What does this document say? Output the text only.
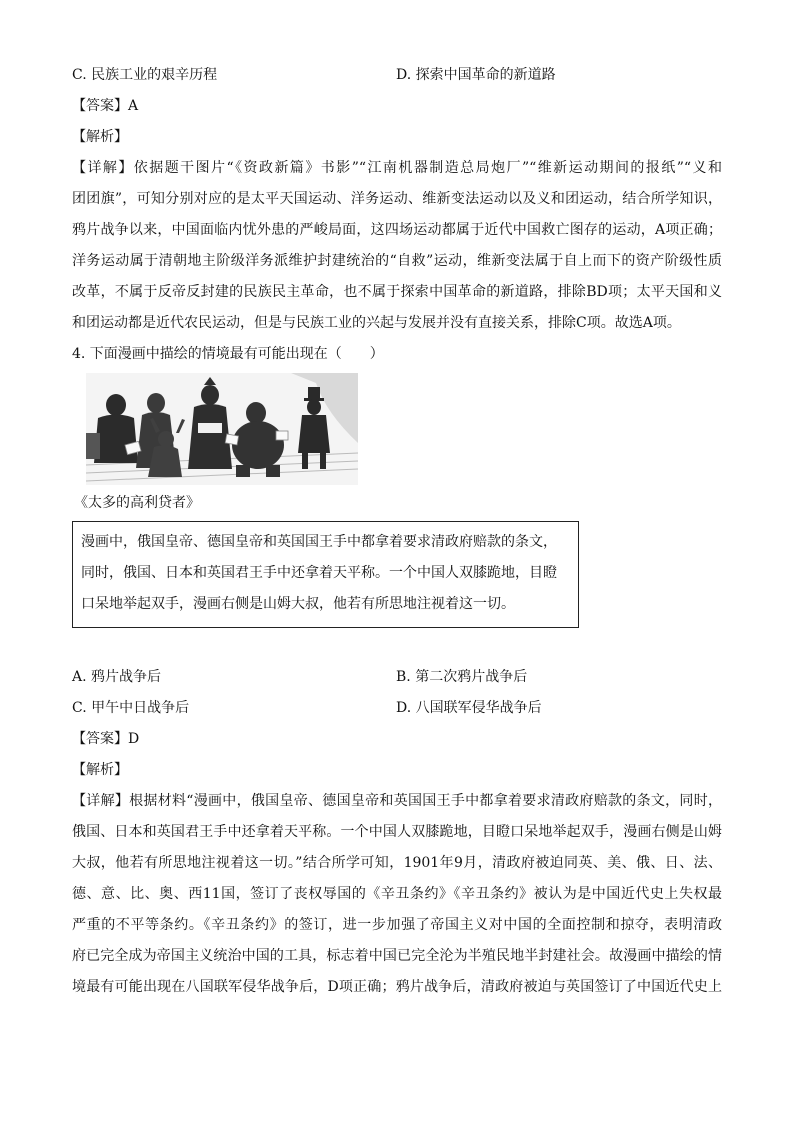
C. 民族工业的艰辛历程	D. 探索中国革命的新道路
【答案】A
【解析】
【详解】依据题干图片“《资政新篇》书影”“江南机器制造总局炮厂”“维新运动期间的报纸”“义和
团团旗”，可知分别对应的是太平天国运动、洋务运动、维新变法运动以及义和团运动，结合所学知识，
鸦片战争以来，中国面临内忧外患的严峻局面，这四场运动都属于近代中国救亡图存的运动，A项正确；
洋务运动属于清朝地主阶级洋务派维护封建统治的“自救”运动，维新变法属于自上而下的资产阶级性质
改革，不属于反帝反封建的民族民主革命，也不属于探索中国革命的新道路，排除BD项；太平天国和义
和团运动都是近代农民运动，但是与民族工业的兴起与发展并没有直接关系，排除C项。故选A项。
4. 下面漫画中描绘的情境最有可能出现在（　　）
《太多的高利贷者》
漫画中，俄国皇帝、德国皇帝和英国国王手中都拿着要求清政府赔款的条文，
同时，俄国、日本和英国君王手中还拿着天平称。一个中国人双膝跪地，目瞪
口呆地举起双手，漫画右侧是山姆大叔，他若有所思地注视着这一切。
A. 鸦片战争后	B. 第二次鸦片战争后
C. 甲午中日战争后	D. 八国联军侵华战争后
【答案】D
【解析】
【详解】根据材料“漫画中，俄国皇帝、德国皇帝和英国国王手中都拿着要求清政府赔款的条文，同时，
俄国、日本和英国君王手中还拿着天平称。一个中国人双膝跪地，目瞪口呆地举起双手，漫画右侧是山姆
大叔，他若有所思地注视着这一切。”结合所学可知，1901年9月，清政府被迫同英、美、俄、日、法、
德、意、比、奥、西11国，签订了丧权辱国的《辛丑条约》《辛丑条约》被认为是中国近代史上失权最
严重的不平等条约。《辛丑条约》的签订，进一步加强了帝国主义对中国的全面控制和掠夺，表明清政
府已完全成为帝国主义统治中国的工具，标志着中国已完全沦为半殖民地半封建社会。故漫画中描绘的情
境最有可能出现在八国联军侵华战争后，D项正确；鸦片战争后，清政府被迫与英国签订了中国近代史上
